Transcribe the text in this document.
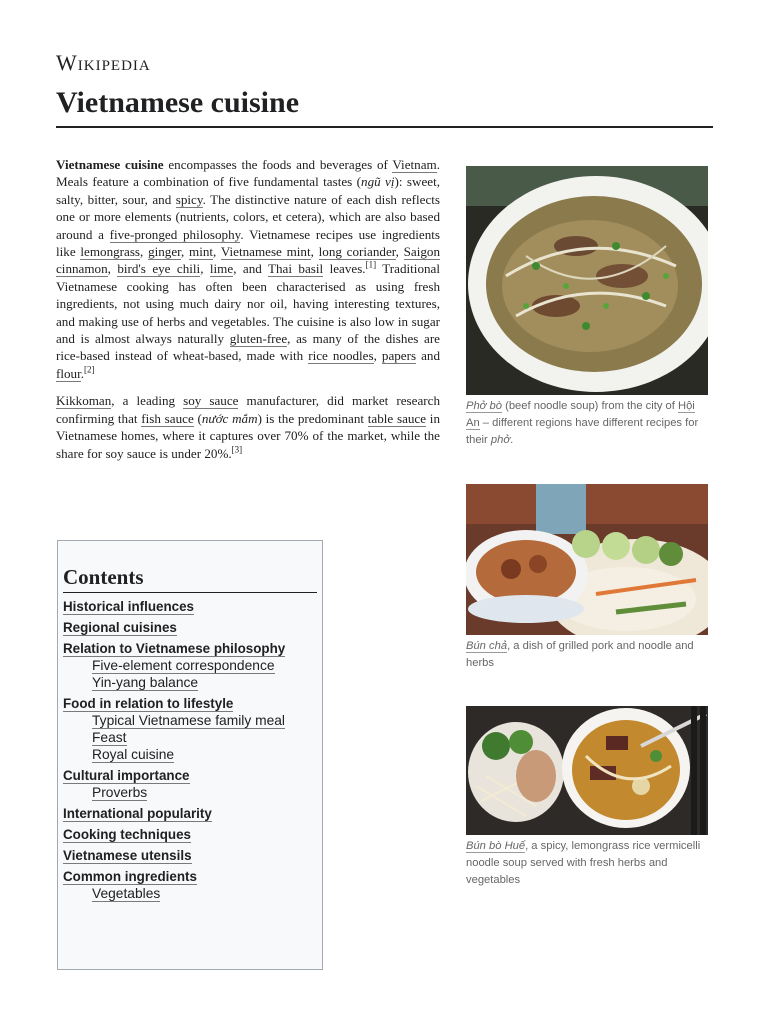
Wikipedia
Vietnamese cuisine

Vietnamese cuisine encompasses the foods and beverages of Vietnam. Meals feature a combination of five fundamental tastes (ngũ vị): sweet, salty, bitter, sour, and spicy. The distinctive nature of each dish reflects one or more elements (nutrients, colors, et cetera), which are also based around a five-pronged philosophy. Vietnamese recipes use ingredients like lemongrass, ginger, mint, Vietnamese mint, long coriander, Saigon cinnamon, bird's eye chili, lime, and Thai basil leaves.[1] Traditional Vietnamese cooking has often been characterised as using fresh ingredients, not using much dairy nor oil, having interesting textures, and making use of herbs and vegetables. The cuisine is also low in sugar and is almost always naturally gluten-free, as many of the dishes are rice-based instead of wheat-based, made with rice noodles, papers and flour.[2]

Kikkoman, a leading soy sauce manufacturer, did market research confirming that fish sauce (nước mắm) is the predominant table sauce in Vietnamese homes, where it captures over 70% of the market, while the share for soy sauce is under 20%.[3]

Contents
Historical influences
Regional cuisines
Relation to Vietnamese philosophy
Five-element correspondence
Yin-yang balance
Food in relation to lifestyle
Typical Vietnamese family meal
Feast
Royal cuisine
Cultural importance
Proverbs
International popularity
Cooking techniques
Vietnamese utensils
Common ingredients
Vegetables
Phở bò (beef noodle soup) from the city of Hội An – different regions have different recipes for their phở.
Bún chả, a dish of grilled pork and noodle and herbs
Bún bò Huế, a spicy, lemongrass rice vermicelli noodle soup served with fresh herbs and vegetables
